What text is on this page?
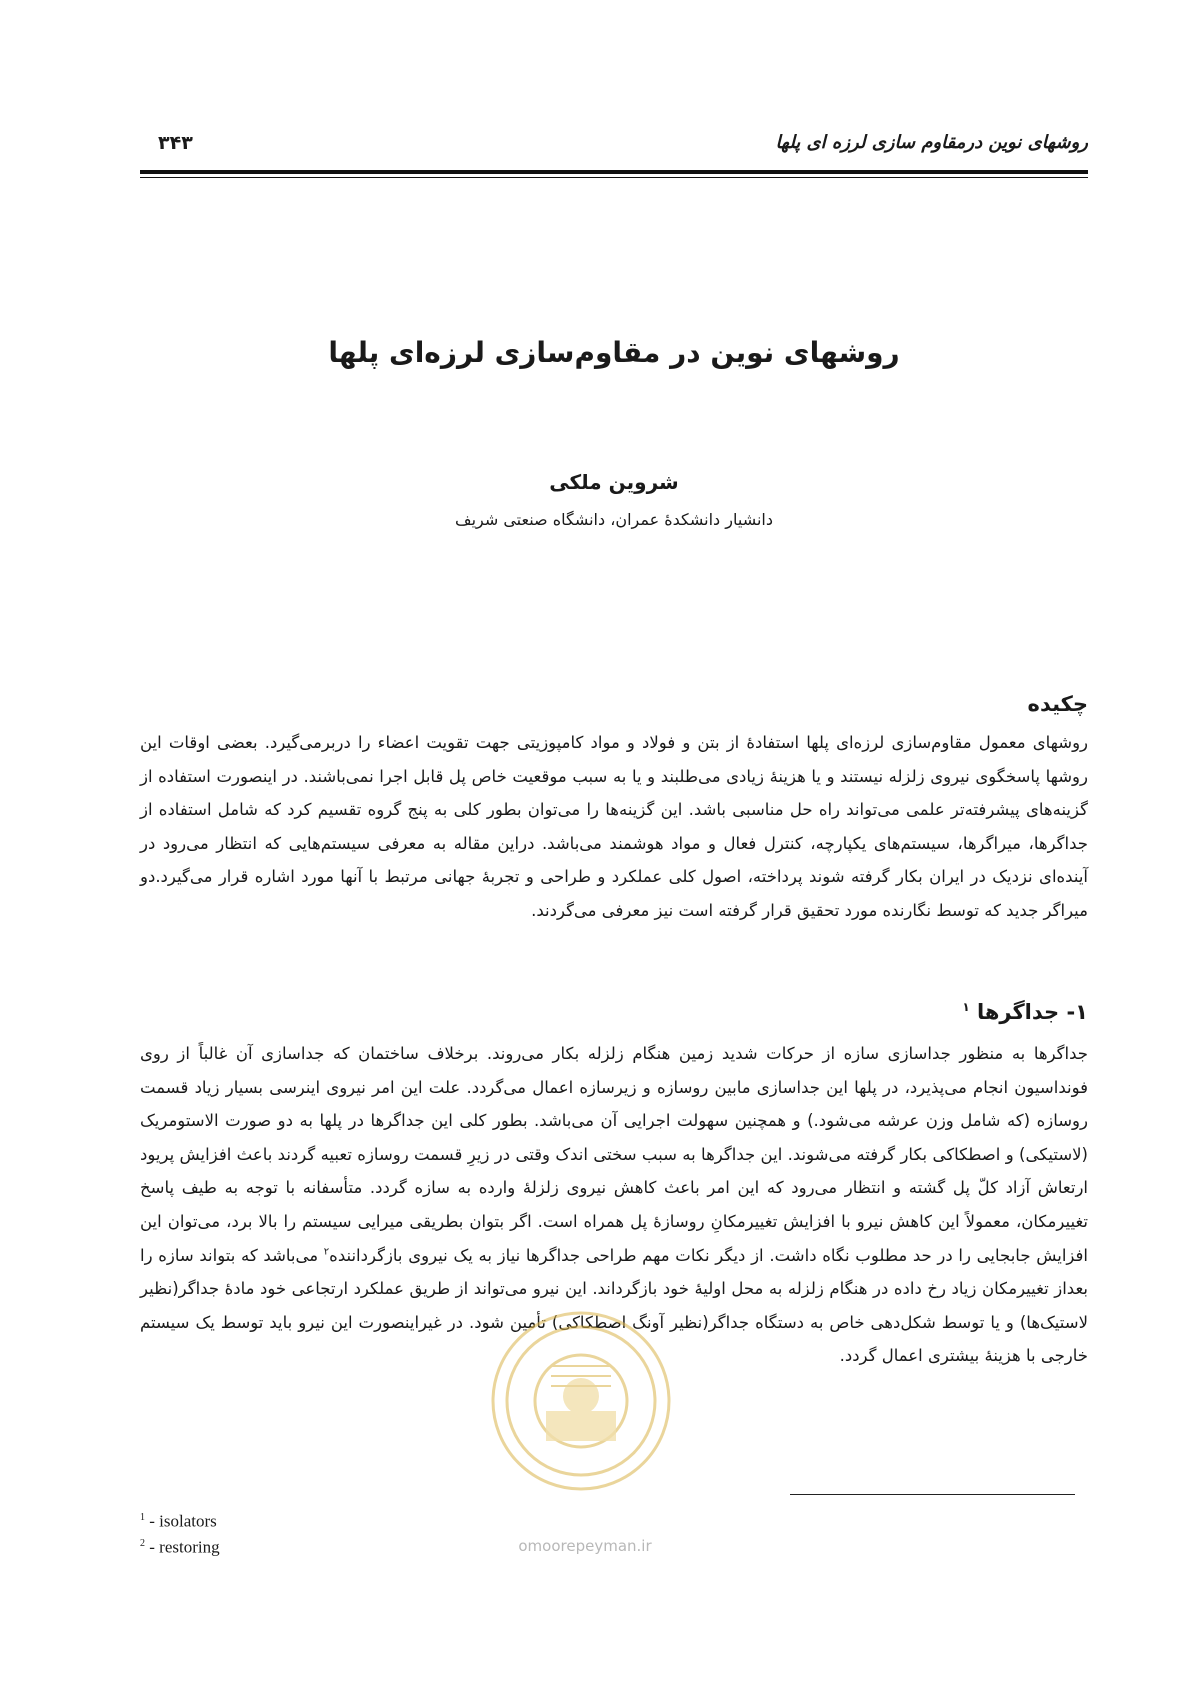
روشهای نوین درمقاوم سازی لرزه ای پلها
۳۴۳
روشهای نوین در مقاوم‌سازی لرزه‌ای پلها
شروین ملکی
دانشیار دانشکدهٔ عمران، دانشگاه صنعتی شریف
چکیده
روشهای معمول مقاوم‌سازی لرزه‌ای پلها استفادهٔ از بتن و فولاد و مواد کامپوزیتی جهت تقویت اعضاء را دربرمی‌گیرد. بعضی اوقات این روشها پاسخگوی نیروی زلزله نیستند و یا هزینهٔ زیادی می‌طلبند و یا به سبب موقعیت خاص پل قابل اجرا نمی‌باشند. در اینصورت استفاده از گزینه‌های پیشرفته‌تر علمی می‌تواند راه حل مناسبی باشد. این گزینه‌ها را می‌توان بطور کلی به پنج گروه تقسیم کرد که شامل استفاده از جداگرها، میراگرها، سیستم‌های یکپارچه، کنترل فعال و مواد هوشمند می‌باشد. دراین مقاله به معرفی سیستم‌هایی که انتظار می‌رود در آینده‌ای نزدیک در ایران بکار گرفته شوند پرداخته، اصول کلی عملکرد و طراحی و تجربهٔ جهانی مرتبط با آنها مورد اشاره قرار می‌گیرد.دو میراگر جدید که توسط نگارنده مورد تحقیق قرار گرفته است نیز معرفی می‌گردند.
۱- جداگرها $^۱$
جداگرها به منظور جداسازی سازه از حرکات شدید زمین هنگام زلزله بکار می‌روند. برخلاف ساختمان که جداسازی آن غالباً از روی فونداسیون انجام می‌پذیرد، در پلها این جداسازی مابین روسازه و زیرسازه اعمال می‌گردد. علت این امر نیروی اینرسی بسیار زیاد قسمت روسازه (که شامل وزن عرشه می‌شود.) و همچنین سهولت اجرایی آن می‌باشد. بطور کلی این جداگرها در پلها به دو صورت الاستومریک (لاستیکی) و اصطکاکی بکار گرفته می‌شوند. این جداگرها به سبب سختی اندک وقتی در زیرِ قسمت روسازه تعبیه گردند باعث افزایش پریود ارتعاش آزاد کلّ پل گشته و انتظار می‌رود که این امر باعث کاهش نیروی زلزلهٔ وارده به سازه گردد. متأسفانه با توجه به طیف پاسخ تغییرمکان، معمولاً این کاهش نیرو با افزایش تغییرمکانِ روسازهٔ پل همراه است. اگر بتوان بطریقی میرایی سیستم را بالا برد، می‌توان این افزایش جابجایی را در حد مطلوب نگاه داشت. از دیگر نکات مهم طراحی جداگرها نیاز به یک نیروی بازگرداننده$^۲$ می‌باشد که بتواند سازه را بعداز تغییرمکان زیاد رخ داده در هنگام زلزله به محل اولیهٔ خود بازگرداند. این نیرو می‌تواند از طریق عملکرد ارتجاعی خود مادهٔ جداگر(نظیر لاستیک‌ها) و یا توسط شکل‌دهی خاص به دستگاه جداگر(نظیر آونگ اصطکاکی) تأمین شود. در غیراینصورت این نیرو باید توسط یک سیستم خارجی با هزینهٔ بیشتری اعمال گردد.
omoorepeyman.ir
$^1$ - isolators
$^2$ - restoring
